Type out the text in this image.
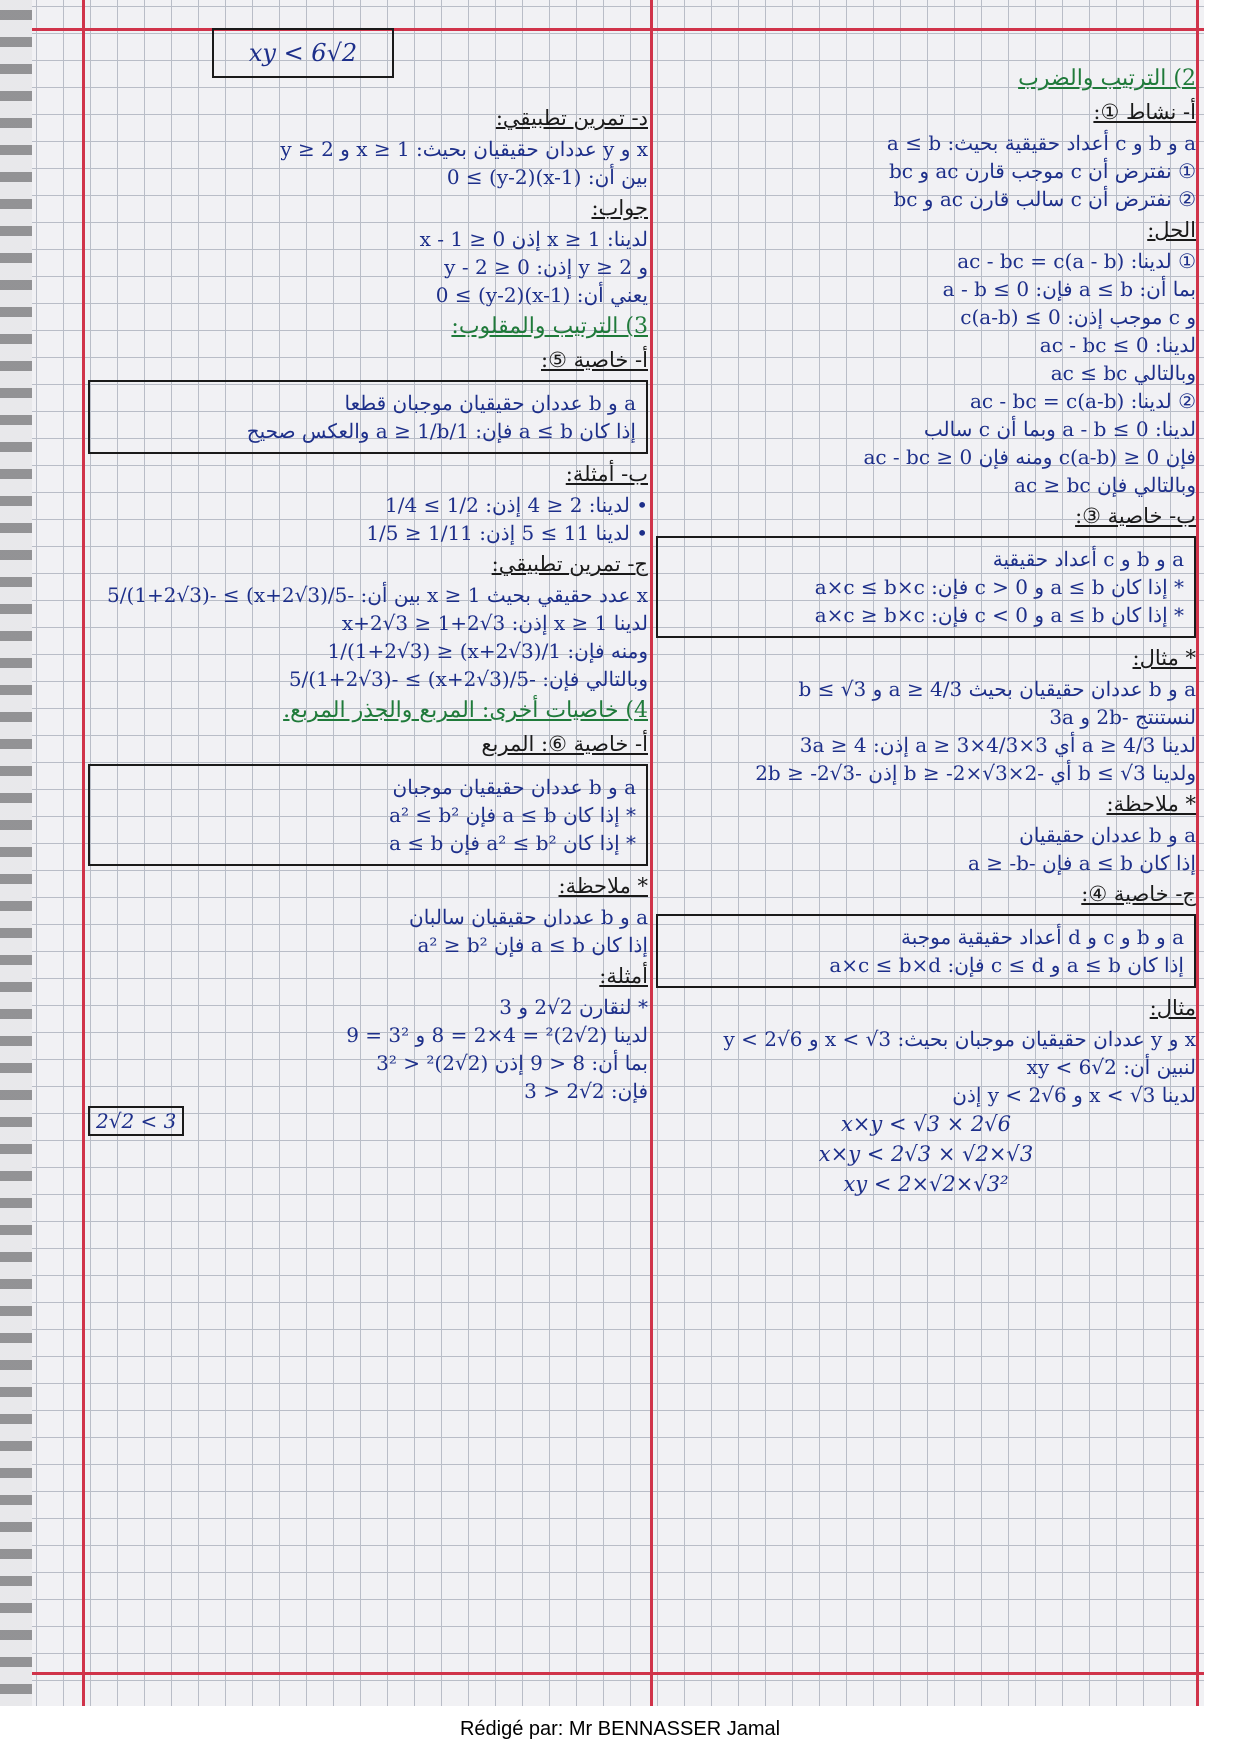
xy < 6√2
د- تمرين تطبيقي:
x و y عددان حقيقيان بحيث: x ≥ 1 و y ≥ 2
بين أن: (x-1)(y-2) ≥ 0
جواب:
لدينا: x ≥ 1 إذن x - 1 ≥ 0
و y ≥ 2 إذن: y - 2 ≥ 0
يعني أن: (x-1)(y-2) ≥ 0
3) الترتيب والمقلوب:
أ- خاصية ⑤:
a و b عددان حقيقيان موجبان قطعا
إذا كان a ≤ b فإن: 1/a ≥ 1/b والعكس صحيح
ب- أمثلة:
• لدينا: 2 ≤ 4 إذن: 1/2 ≥ 1/4
• لدينا 11 ≥ 5 إذن: 1/11 ≤ 1/5
ج- تمرين تطبيقي:
x عدد حقيقي بحيث x ≥ 1 بين أن: -5/(x+2√3) ≥ -5/(1+2√3)
لدينا x ≥ 1 إذن: x+2√3 ≥ 1+2√3
ومنه فإن: 1/(x+2√3) ≤ 1/(1+2√3)
وبالتالي فإن: -5/(x+2√3) ≥ -5/(1+2√3)
4) خاصيات أخرى: المربع والجذر المربع.
أ- خاصية ⑥: المربع
a و b عددان حقيقيان موجبان
* إذا كان a ≤ b فإن a² ≤ b²
* إذا كان a² ≤ b² فإن a ≤ b
* ملاحظة:
a و b عددان حقيقيان سالبان
إذا كان a ≤ b فإن a² ≥ b²
أمثلة:
* لنقارن 2√2 و 3
لدينا (2√2)² = 4×2 = 8 و 3² = 9
بما أن: 8 < 9 إذن (2√2)² < 3²
فإن: 2√2 < 3
2√2 < 3
2) الترتيب والضرب
أ- نشاط ①:
a و b و c أعداد حقيقية بحيث: a ≤ b
① نفترض أن c موجب قارن ac و bc
② نفترض أن c سالب قارن ac و bc
الحل:
① لدينا: ac - bc = c(a - b)
بما أن: a ≤ b فإن: a - b ≤ 0
و c موجب إذن: c(a-b) ≤ 0
لدينا: ac - bc ≤ 0
وبالتالي ac ≤ bc
② لدينا: ac - bc = c(a-b)
لدينا: a - b ≤ 0 وبما أن c سالب
فإن c(a-b) ≥ 0 ومنه فإن ac - bc ≥ 0
وبالتالي فإن ac ≥ bc
ب- خاصية ③:
a و b و c أعداد حقيقية
* إذا كان a ≤ b و c > 0 فإن: a×c ≤ b×c
* إذا كان a ≤ b و c < 0 فإن: a×c ≥ b×c
* مثال:
a و b عددان حقيقيان بحيث a ≥ 4/3 و b ≤ √3
لنستنتج -2b و 3a
لدينا a ≥ 4/3 أي 3×a ≥ 3×4/3 إذن: 3a ≥ 4
ولدينا b ≤ √3 أي -2×b ≥ -2×√3 إذن -2b ≥ -2√3
* ملاحظة:
a و b عددان حقيقيان
إذا كان a ≤ b فإن -a ≥ -b
ج- خاصية ④:
a و b و c و d أعداد حقيقية موجبة
إذا كان a ≤ b و c ≤ d فإن: a×c ≤ b×d
مثال:
x و y عددان حقيقيان موجبان بحيث: x < √3 و y < 2√6
لنبين أن: xy < 6√2
لدينا x < √3 و y < 2√6 إذن
x×y < √3 × 2√6
x×y < 2√3 × √2×√3
xy < 2×√2×√3²
Rédigé par: Mr BENNASSER Jamal
